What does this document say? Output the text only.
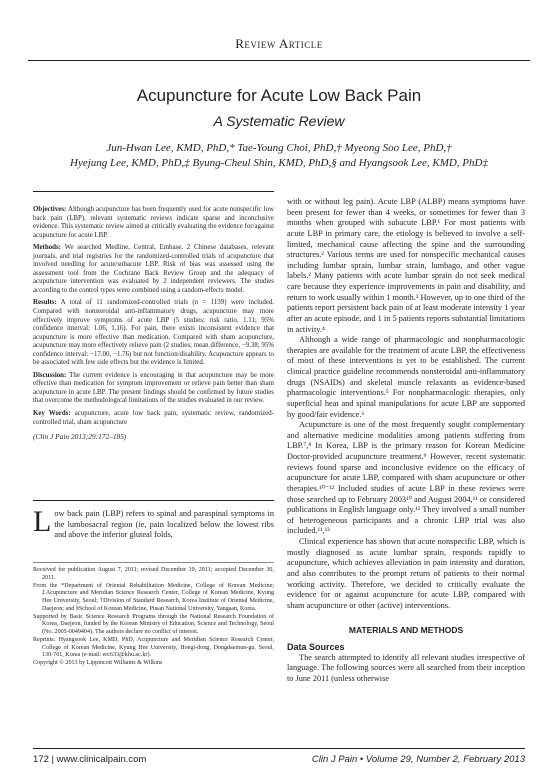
Review Article
Acupuncture for Acute Low Back Pain
A Systematic Review
Jun-Hwan Lee, KMD, PhD,* Tae-Young Choi, PhD,† Myeong Soo Lee, PhD,†
Hyejung Lee, KMD, PhD,‡ Byung-Cheul Shin, KMD, PhD,§ and Hyangsook Lee, KMD, PhD‡

Objectives: Although acupuncture has been frequently used for acute nonspecific low back pain (LBP), relevant systematic reviews indicate sparse and inconclusive evidence. This systematic review aimed at critically evaluating the evidence for/against acupuncture for acute LBP.

Methods: We searched Medline, Central, Embase, 2 Chinese databases, relevant journals, and trial registries for the randomized-controlled trials of acupuncture that involved needling for acute/subacute LBP. Risk of bias was assessed using the assessment tool from the Cochrane Back Review Group and the adequacy of acupuncture intervention was evaluated by 2 independent reviewers. The studies according to the control types were combined using a random-effects model.

Results: A total of 11 randomized-controlled trials (n = 1139) were included. Compared with nonsteroidal anti-inflammatory drugs, acupuncture may more effectively improve symptoms of acute LBP (5 studies; risk ratio, 1.11; 95% confidence interval: 1.06, 1.16). For pain, there exists inconsistent evidence that acupuncture is more effective than medication. Compared with sham acupuncture, acupuncture may more effectively relieve pain (2 studies; mean difference, −9.38; 95% confidence interval: −17.00, −1.76) but not function/disability. Acupuncture appears to be associated with few side effects but the evidence is limited.

Discussion: The current evidence is encouraging in that acupuncture may be more effective than medication for symptom improvement or relieve pain better than sham acupuncture in acute LBP. The present findings should be confirmed by future studies that overcome the methodological limitations of the studies evaluated in our review.

Key Words: acupuncture, acute low back pain, systematic review, randomized-controlled trial, sham acupuncture

(Clin J Pain 2013;29:172–185)

Low back pain (LBP) refers to spinal and paraspinal symptoms in the lumbosacral region (ie, pain localized below the lowest ribs and above the inferior gluteal folds,

Received for publication August 7, 2011; revised December 19, 2011; accepted December 30, 2011.

From the *Department of Oriental Rehabilitation Medicine, College of Korean Medicine; ‡Acupuncture and Meridian Science Research Center, College of Korean Medicine, Kyung Hee University, Seoul; †Division of Standard Research, Korea Institute of Oriental Medicine, Daejeon; and §School of Korean Medicine, Pusan National University, Yangsan, Korea.

Supported by Basic Science Research Programs through the National Research Foundation of Korea, Daejeon, funded by the Korean Ministry of Education, Science and Technology, Seoul (No. 2005-0049404). The authors declare no conflict of interest.

Reprints: Hyangsook Lee, KMD, PhD, Acupuncture and Meridian Science Research Center, College of Korean Medicine, Kyung Hee University, Hoegi-dong, Dongdaemun-gu, Seoul, 130-701, Korea (e-mail: erc633@khu.ac.kr).

Copyright © 2013 by Lippincott Williams & Wilkins

with or without leg pain). Acute LBP (ALBP) means symptoms have been present for fewer than 4 weeks, or sometimes for fewer than 3 months when grouped with subacute LBP.¹ For most patients with acute LBP in primary care, the etiology is believed to involve a self-limited, mechanical cause affecting the spine and the surrounding structures.² Various terms are used for nonspecific mechanical causes including lumbar sprain, lumbar strain, lumbago, and other vague labels.² Many patients with acute lumbar sprain do not seek medical care because they experience improvements in pain and disability, and return to work usually within 1 month.³ However, up to one third of the patients report persistent back pain of at least moderate intensity 1 year after an acute episode, and 1 in 5 patients reports substantial limitations in activity.⁴

Although a wide range of pharmacologic and nonpharmacologic therapies are available for the treatment of acute LBP, the effectiveness of most of these interventions is yet to be established. The current clinical practice guideline recommends nonsteroidal anti-inflammatory drugs (NSAIDs) and skeletal muscle relaxants as evidence-based pharmacologic interventions.⁵ For nonpharmacologic therapies, only superficial heat and spinal manipulations for acute LBP are supported by good/fair evidence.⁶

Acupuncture is one of the most frequently sought complementary and alternative medicine modalities among patients suffering from LBP.⁷,⁸ In Korea, LBP is the primary reason for Korean Medicine Doctor-provided acupuncture treatment.⁹ However, recent systematic reviews found sparse and inconclusive evidence on the efficacy of acupuncture for acute LBP, compared with sham acupuncture or other therapies.¹⁰⁻¹² Included studies of acute LBP in these reviews were those searched up to February 2003¹⁰ and August 2004,¹¹ or considered publications in English language only.¹² They involved a small number of heterogeneous participants and a chronic LBP trial was also included.¹¹,¹³

Clinical experience has shown that acute nonspecific LBP, which is mostly diagnosed as acute lumbar sprain, responds rapidly to acupuncture, which achieves alleviation in pain intensity and duration, and also contributes to the prompt return of patients to their normal working activity. Therefore, we decided to critically evaluate the evidence for or against acupuncture for acute LBP, compared with sham acupuncture or other (active) interventions.

MATERIALS AND METHODS

Data Sources

The search attempted to identify all relevant studies irrespective of language. The following sources were all searched from their inception to June 2011 (unless otherwise

172 | www.clinicalpain.com	Clin J Pain • Volume 29, Number 2, February 2013
